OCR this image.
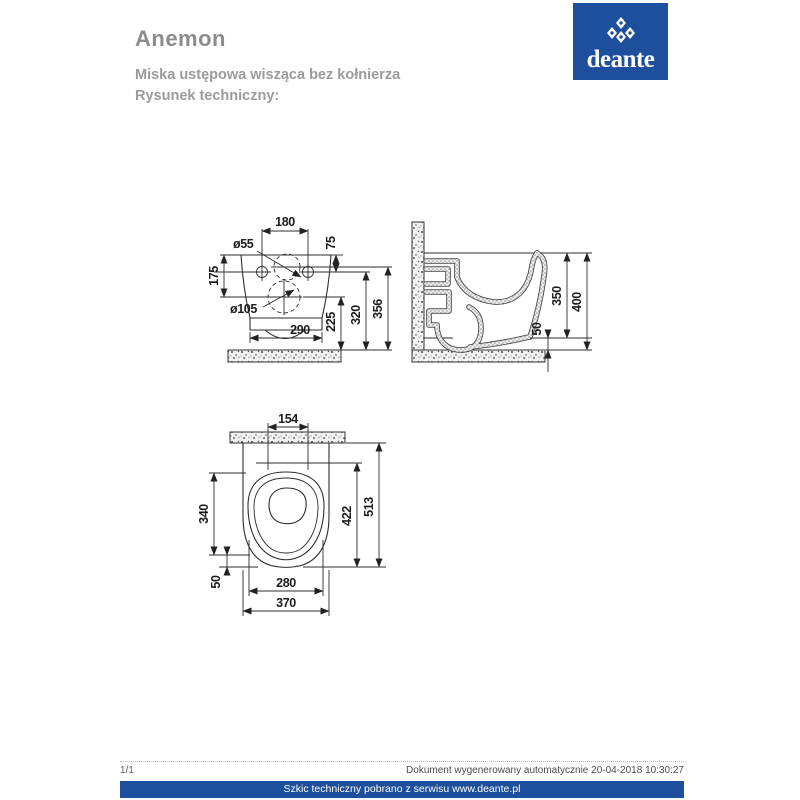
Anemon
Miska ustępowa wisząca bez kołnierza
Rysunek techniczny:
deante
180
75
ø55
175
ø105
225 320 356
290
350 400
50
154
340
50	280
370
422 513
1/1	Dokument wygenerowany automatycznie 20-04-2018 10:30:27
Szkic techniczny pobrano z serwisu www.deante.pl
